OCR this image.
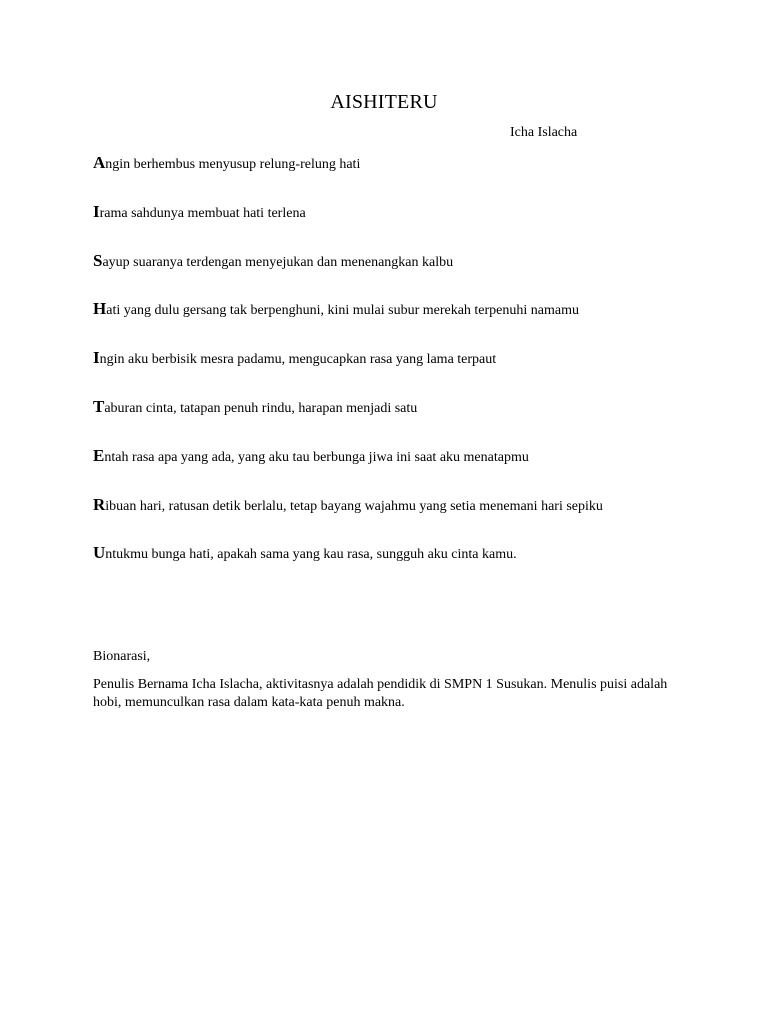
AISHITERU
Icha Islacha
Angin berhembus menyusup relung-relung hati
Irama sahdunya membuat hati terlena
Sayup suaranya terdengan menyejukan dan menenangkan kalbu
Hati yang dulu gersang tak berpenghuni, kini mulai subur merekah terpenuhi namamu
Ingin aku berbisik mesra padamu, mengucapkan rasa yang lama terpaut
Taburan cinta, tatapan penuh rindu, harapan menjadi satu
Entah rasa apa yang ada, yang aku tau berbunga jiwa ini saat aku menatapmu
Ribuan hari, ratusan detik berlalu, tetap bayang wajahmu yang setia menemani hari sepiku
Untukmu bunga hati, apakah sama yang kau rasa, sungguh aku cinta kamu.
Bionarasi,
Penulis Bernama Icha Islacha, aktivitasnya adalah pendidik di SMPN 1 Susukan. Menulis puisi adalah hobi, memunculkan rasa dalam kata-kata penuh makna.
